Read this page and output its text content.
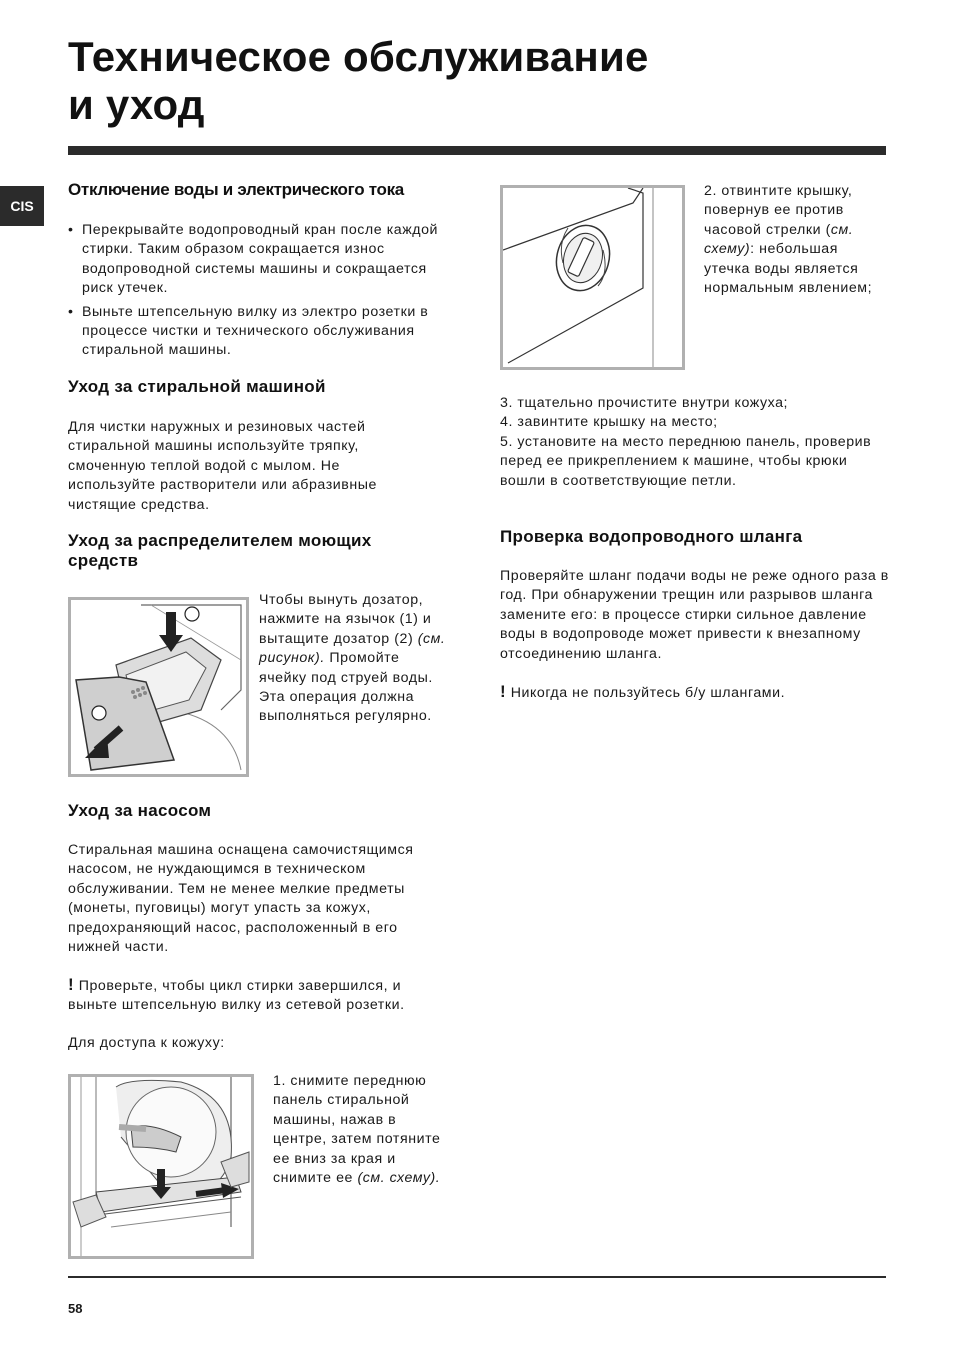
Техническое обслуживание
и уход
CIS
Отключение воды и электрического тока
• Перекрывайте водопроводный кран после каждой стирки. Таким образом сокращается износ водопроводной системы машины и сокращается риск утечек.
• Выньте штепсельную вилку из электро розетки в процессе чистки и технического обслуживания стиральной машины.
Уход за стиральной машиной

Для чистки наружных и резиновых частей стиральной машины используйте тряпку, смоченную теплой водой с мылом. Не используйте растворители или абразивные чистящие средства.

Уход за распределителем моющих
средств

Чтобы вынуть дозатор, нажмите на язычок (1) и вытащите дозатор (2) (см. рисунок). Промойте ячейку под струей воды. Эта операция должна выполняться регулярно.

Уход за насосом

Стиральная машина оснащена самочистящимся насосом, не нуждающимся в техническом обслуживании. Тем не менее мелкие предметы (монеты, пуговицы) могут упасть за кожух, предохраняющий насос, расположенный в его нижней части.

! Проверьте, чтобы цикл стирки завершился, и выньте штепсельную вилку из сетевой розетки.

Для доступа к кожуху:

1. снимите переднюю панель стиральной машины, нажав в центре, затем потяните ее вниз за края и снимите ее (см. схему).

2. отвинтите крышку, повернув ее против часовой стрелки (см. схему): небольшая утечка воды является нормальным явлением;

3. тщательно прочистите внутри кожуха;
4. завинтите крышку на место;
5. установите на место переднюю панель, проверив перед ее прикреплением к машине, чтобы крюки вошли в соответствующие петли.
Проверка водопроводного шланга

Проверяйте шланг подачи воды не реже одного раза в год. При обнаружении трещин или разрывов шланга замените его: в процессе стирки сильное давление воды в водопроводе может привести к внезапному отсоединению шланга.

! Никогда не пользуйтесь б/у шлангами.

58
